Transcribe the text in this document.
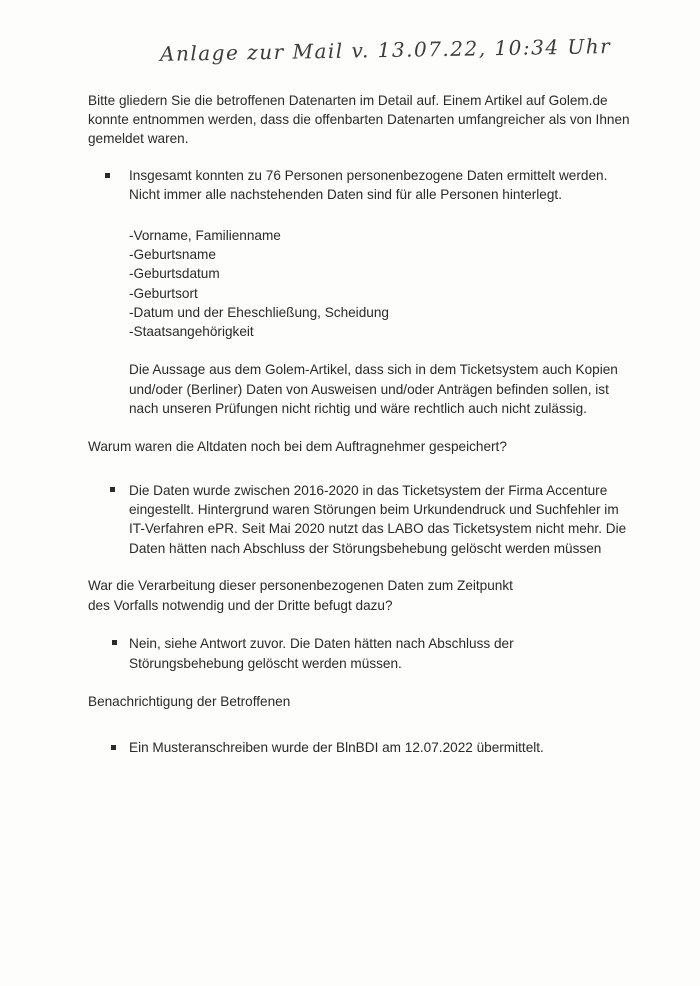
Anlage zur Mail v. 13.07.22, 10:34 Uhr
Bitte gliedern Sie die betroffenen Datenarten im Detail auf. Einem Artikel auf Golem.de
konnte entnommen werden, dass die offenbarten Datenarten umfangreicher als von Ihnen
gemeldet waren.
Insgesamt konnten zu 76 Personen personenbezogene Daten ermittelt werden.
Nicht immer alle nachstehenden Daten sind für alle Personen hinterlegt.
-Vorname, Familienname
-Geburtsname
-Geburtsdatum
-Geburtsort
-Datum und der Eheschließung, Scheidung
-Staatsangehörigkeit
Die Aussage aus dem Golem-Artikel, dass sich in dem Ticketsystem auch Kopien
und/oder (Berliner) Daten von Ausweisen und/oder Anträgen befinden sollen, ist
nach unseren Prüfungen nicht richtig und wäre rechtlich auch nicht zulässig.
Warum waren die Altdaten noch bei dem Auftragnehmer gespeichert?
Die Daten wurde zwischen 2016-2020 in das Ticketsystem der Firma Accenture
eingestellt. Hintergrund waren Störungen beim Urkundendruck und Suchfehler im
IT-Verfahren ePR. Seit Mai 2020 nutzt das LABO das Ticketsystem nicht mehr. Die
Daten hätten nach Abschluss der Störungsbehebung gelöscht werden müssen
War die Verarbeitung dieser personenbezogenen Daten zum Zeitpunkt
des Vorfalls notwendig und der Dritte befugt dazu?
Nein, siehe Antwort zuvor. Die Daten hätten nach Abschluss der
Störungsbehebung gelöscht werden müssen.
Benachrichtigung der Betroffenen
Ein Musteranschreiben wurde der BlnBDI am 12.07.2022 übermittelt.
